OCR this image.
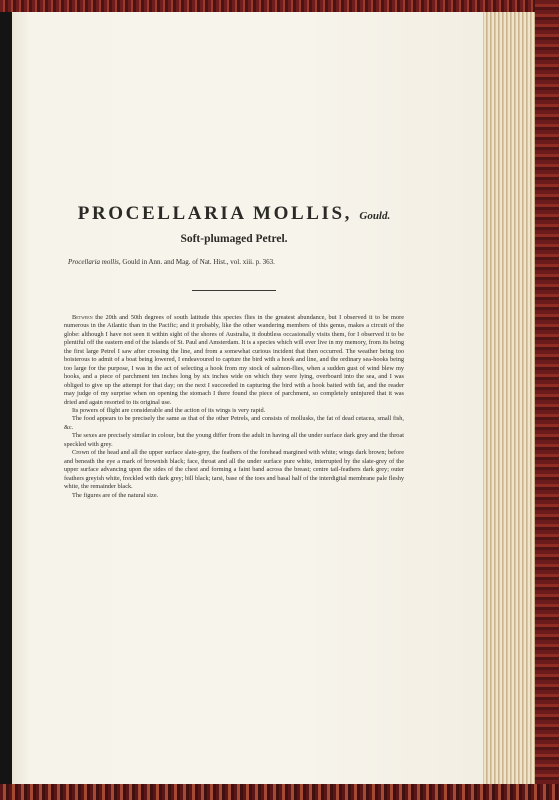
PROCELLARIA MOLLIS, Gould.
Soft-plumaged Petrel.
Procellaria mollis, Gould in Ann. and Mag. of Nat. Hist., vol. xiii. p. 363.

Between the 20th and 50th degrees of south latitude this species flies in the greatest abundance, but I observed it to be more numerous in the Atlantic than in the Pacific; and it probably, like the other wandering members of this genus, makes a circuit of the globe: although I have not seen it within sight of the shores of Australia, it doubtless occasionally visits them, for I observed it to be plentiful off the eastern end of the islands of St. Paul and Amsterdam. It is a species which will ever live in my memory, from its being the first large Petrel I saw after crossing the line, and from a somewhat curious incident that then occurred. The weather being too boisterous to admit of a boat being lowered, I endeavoured to capture the bird with a hook and line, and the ordinary sea-hooks being too large for the purpose, I was in the act of selecting a hook from my stock of salmon-flies, when a sudden gust of wind blew my hooks, and a piece of parchment ten inches long by six inches wide on which they were lying, overboard into the sea, and I was obliged to give up the attempt for that day; on the next I succeeded in capturing the bird with a hook baited with fat, and the reader may judge of my surprise when on opening the stomach I there found the piece of parchment, so completely uninjured that it was dried and again resorted to its original use.

Its powers of flight are considerable and the action of its wings is very rapid.

The food appears to be precisely the same as that of the other Petrels, and consists of mollusks, the fat of dead cetacea, small fish, &c.

The sexes are precisely similar in colour, but the young differ from the adult in having all the under surface dark grey and the throat speckled with grey.

Crown of the head and all the upper surface slate-grey, the feathers of the forehead margined with white; wings dark brown; before and beneath the eye a mark of brownish black; face, throat and all the under surface pure white, interrupted by the slate-grey of the upper surface advancing upon the sides of the chest and forming a faint band across the breast; centre tail-feathers dark grey; outer feathers greyish white, freckled with dark grey; bill black; tarsi, base of the toes and basal half of the interdigital membrane pale fleshy white, the remainder black.

The figures are of the natural size.
